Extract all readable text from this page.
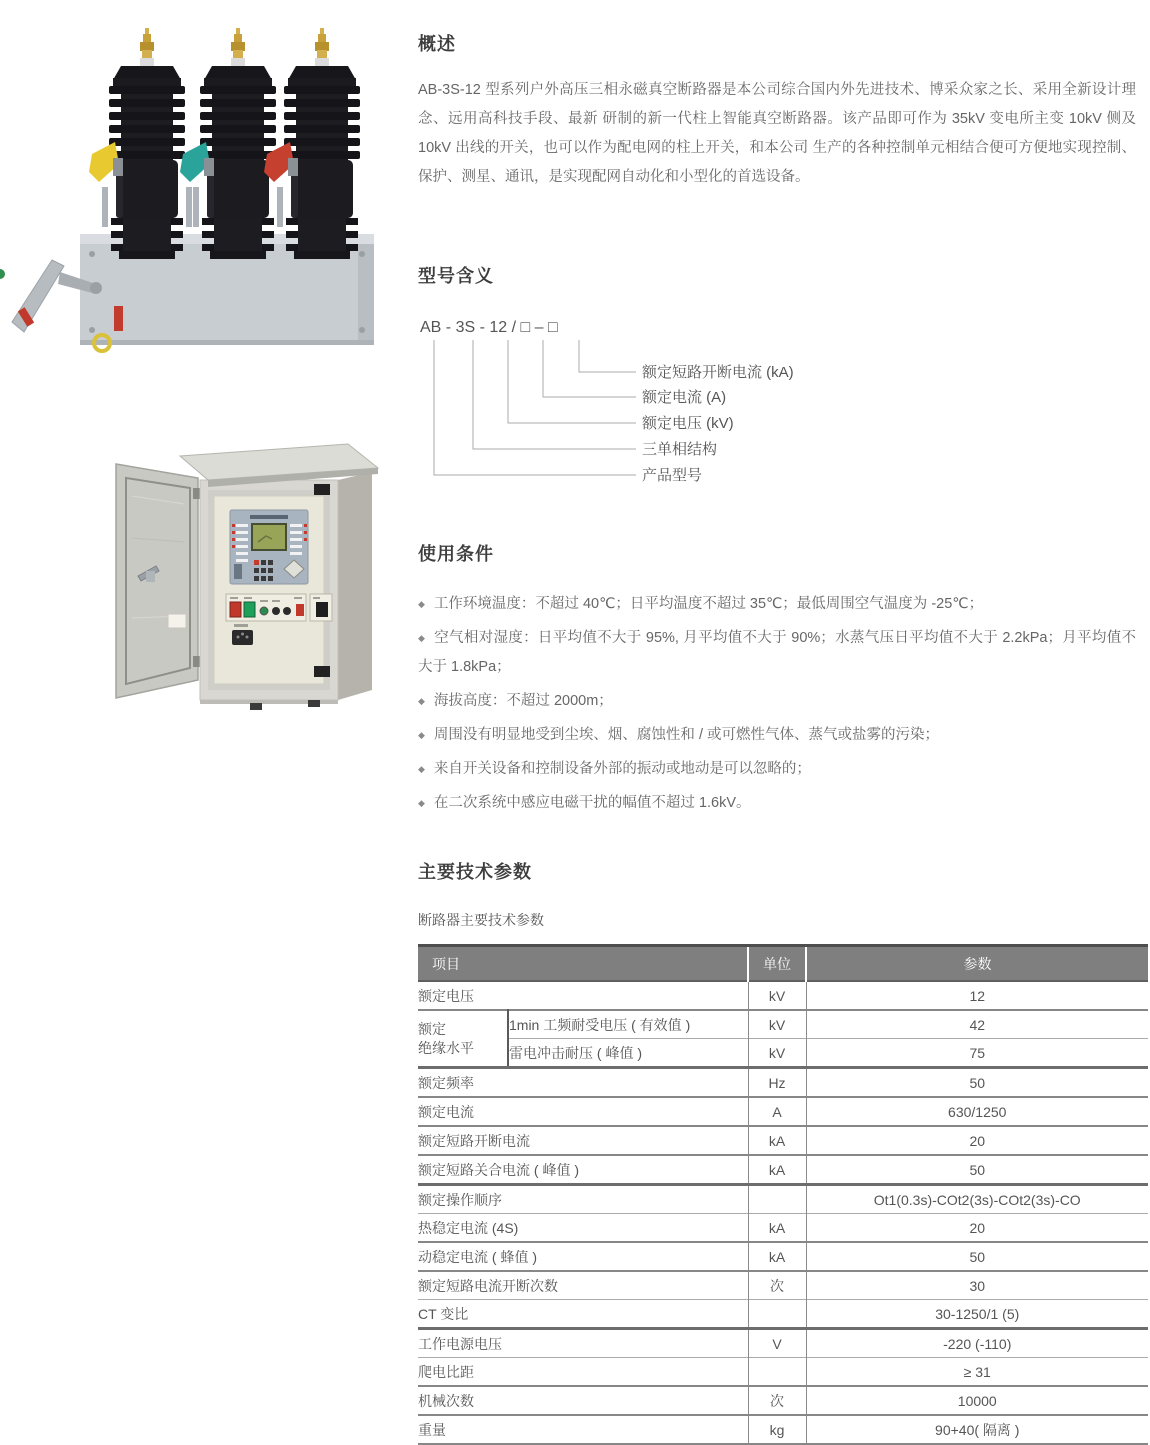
概述

AB-3S-12 型系列户外高压三相永磁真空断路器是本公司综合国内外先进技术、博采众家之长、采用全新设计理念、远用高科技手段、最新 研制的新一代柱上智能真空断路器。该产品即可作为 35kV 变电所主变 10kV 侧及 10kV 出线的开关，也可以作为配电网的柱上开关，和本公司 生产的各种控制单元相结合便可方便地实现控制、保护、测星、通讯，是实现配网自动化和小型化的首选设备。

型号含义
AB - 3S - 12 / □ – □
额定短路开断电流 (kA)
额定电流 (A)
额定电压 (kV)
三单相结构
产品型号
使用条件

◆ 工作环境温度：不超过 40℃；日平均温度不超过 35℃；最低周围空气温度为 -25℃；

◆ 空气相对湿度：日平均值不大于 95%, 月平均值不大于 90%；水蒸气压日平均值不大于 2.2kPa；月平均值不大于 1.8kPa；

◆ 海拔高度：不超过 2000m；

◆ 周围没有明显地受到尘埃、烟、腐蚀性和 / 或可燃性气体、蒸气或盐雾的污染；

◆ 来自开关设备和控制设备外部的振动或地动是可以忽略的；

◆ 在二次系统中感应电磁干扰的幅值不超过 1.6kV。

主要技术参数

断路器主要技术参数

项目		单位	参数
额定电压		kV	12

额定
绝缘水平	1min 工频耐受电压 ( 有效值 )	kV	42
	雷电冲击耐压 ( 峰值 )	kV	75
额定频率		Hz	50
额定电流		A	630/1250
额定短路开断电流		kA	20
额定短路关合电流 ( 峰值 )		kA	50
额定操作顺序			Ot1(0.3s)-COt2(3s)-COt2(3s)-CO
热稳定电流 (4S)		kA	20
动稳定电流 ( 蜂值 )		kA	50
额定短路电流开断次数		次	30
CT 变比			30-1250/1 (5)
工作电源电压		V	-220 (-110)
爬电比距			≥ 31
机械次数		次	10000
重量		kg	90+40( 隔离 )
